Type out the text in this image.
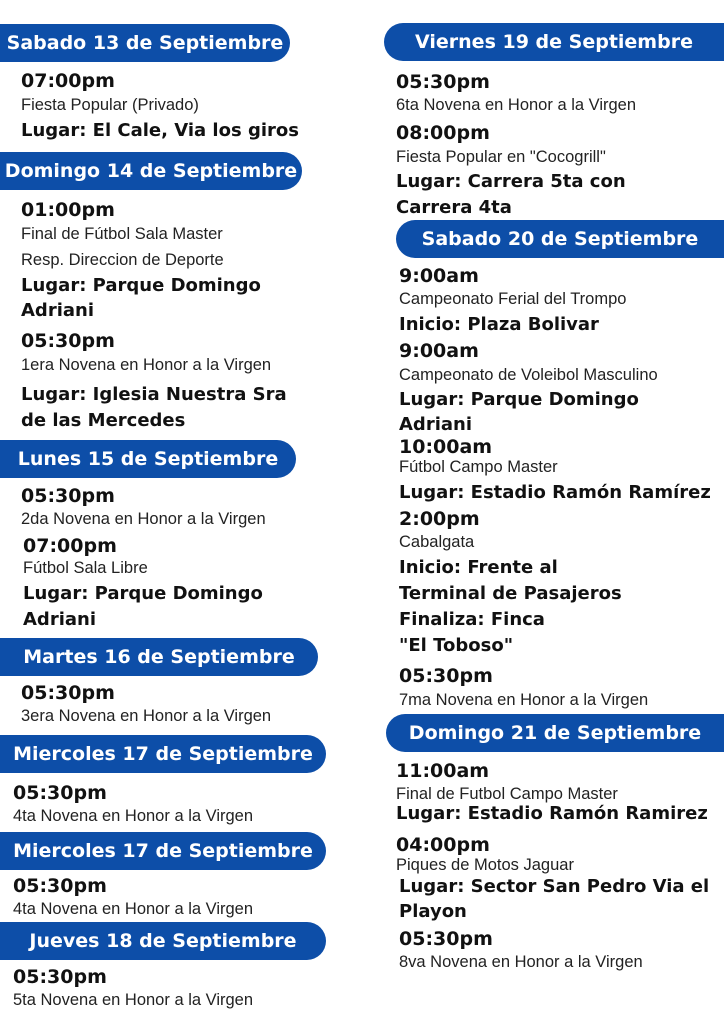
Sabado 13 de Septiembre
07:00pm
Fiesta Popular (Privado)
Lugar: El Cale, Via los giros
Domingo 14 de Septiembre
01:00pm
Final de Fútbol Sala Master
Resp. Direccion de Deporte
Lugar: Parque Domingo
Adriani
05:30pm
1era Novena en Honor a la Virgen
Lugar: Iglesia Nuestra Sra
de las Mercedes
Lunes 15 de Septiembre
05:30pm
2da Novena en Honor a la Virgen
07:00pm
Fútbol Sala Libre
Lugar: Parque Domingo
Adriani
Martes 16 de Septiembre
05:30pm
3era Novena en Honor a la Virgen
Miercoles 17 de Septiembre
05:30pm
4ta Novena en Honor a la Virgen
Miercoles 17 de Septiembre
05:30pm
4ta Novena en Honor a la Virgen
Jueves 18 de Septiembre
05:30pm
5ta Novena en Honor a la Virgen
Viernes 19 de Septiembre
05:30pm
6ta Novena en Honor a la Virgen
08:00pm
Fiesta Popular en "Cocogrill"
Lugar: Carrera 5ta con
Carrera 4ta
Sabado 20 de Septiembre
9:00am
Campeonato Ferial del Trompo
Inicio: Plaza Bolivar
9:00am
Campeonato de Voleibol Masculino
Lugar: Parque Domingo
Adriani
10:00am
Fútbol Campo Master
Lugar: Estadio Ramón Ramírez
2:00pm
Cabalgata
Inicio: Frente al
Terminal de Pasajeros
Finaliza: Finca
"El Toboso"
05:30pm
7ma Novena en Honor a la Virgen
Domingo 21 de Septiembre
11:00am
Final de Futbol Campo Master
Lugar: Estadio Ramón Ramirez
04:00pm
Piques de Motos Jaguar
Lugar: Sector San Pedro Via el
Playon
05:30pm
8va Novena en Honor a la Virgen
